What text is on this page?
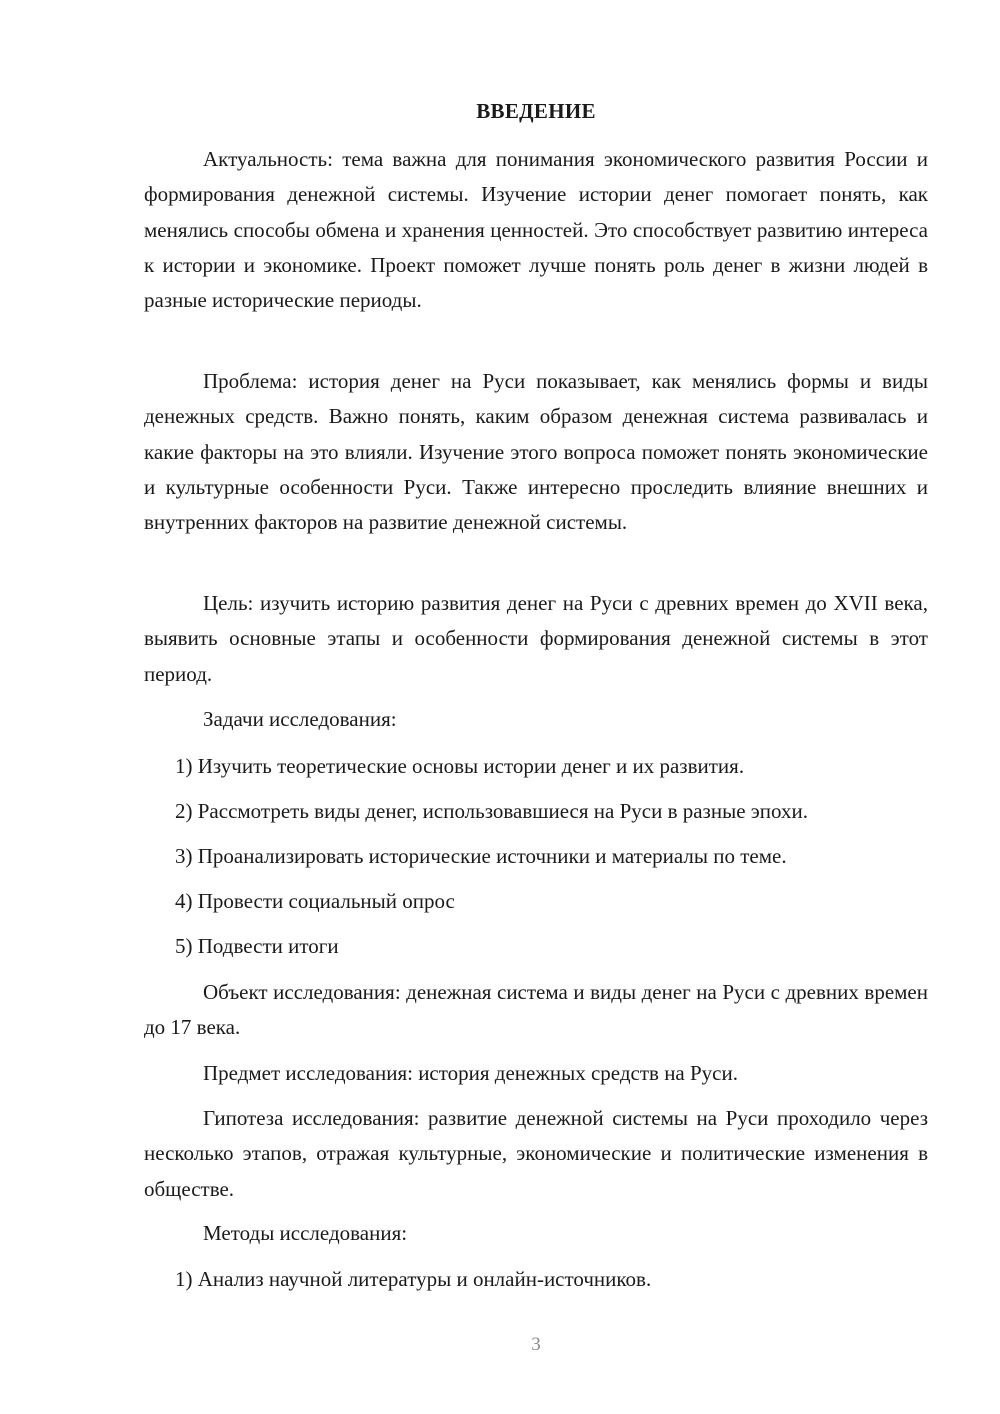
ВВЕДЕНИЕ

Актуальность: тема важна для понимания экономического развития России и формирования денежной системы. Изучение истории денег помогает понять, как менялись способы обмена и хранения ценностей. Это способствует развитию интереса к истории и экономике. Проект поможет лучше понять роль денег в жизни людей в разные исторические периоды.

Проблема: история денег на Руси показывает, как менялись формы и виды денежных средств. Важно понять, каким образом денежная система развивалась и какие факторы на это влияли. Изучение этого вопроса поможет понять экономические и культурные особенности Руси. Также интересно проследить влияние внешних и внутренних факторов на развитие денежной системы.

Цель: изучить историю развития денег на Руси с древних времен до XVII века, выявить основные этапы и особенности формирования денежной системы в этот период.

Задачи исследования:

1) Изучить теоретические основы истории денег и их развития.

2) Рассмотреть виды денег, использовавшиеся на Руси в разные эпохи.

3) Проанализировать исторические источники и материалы по теме.

4) Провести социальный опрос

5) Подвести итоги

Объект исследования: денежная система и виды денег на Руси с древних времен до 17 века.

Предмет исследования: история денежных средств на Руси.

Гипотеза исследования: развитие денежной системы на Руси проходило через несколько этапов, отражая культурные, экономические и политические изменения в обществе.

Методы исследования:

1) Анализ научной литературы и онлайн-источников.

3
